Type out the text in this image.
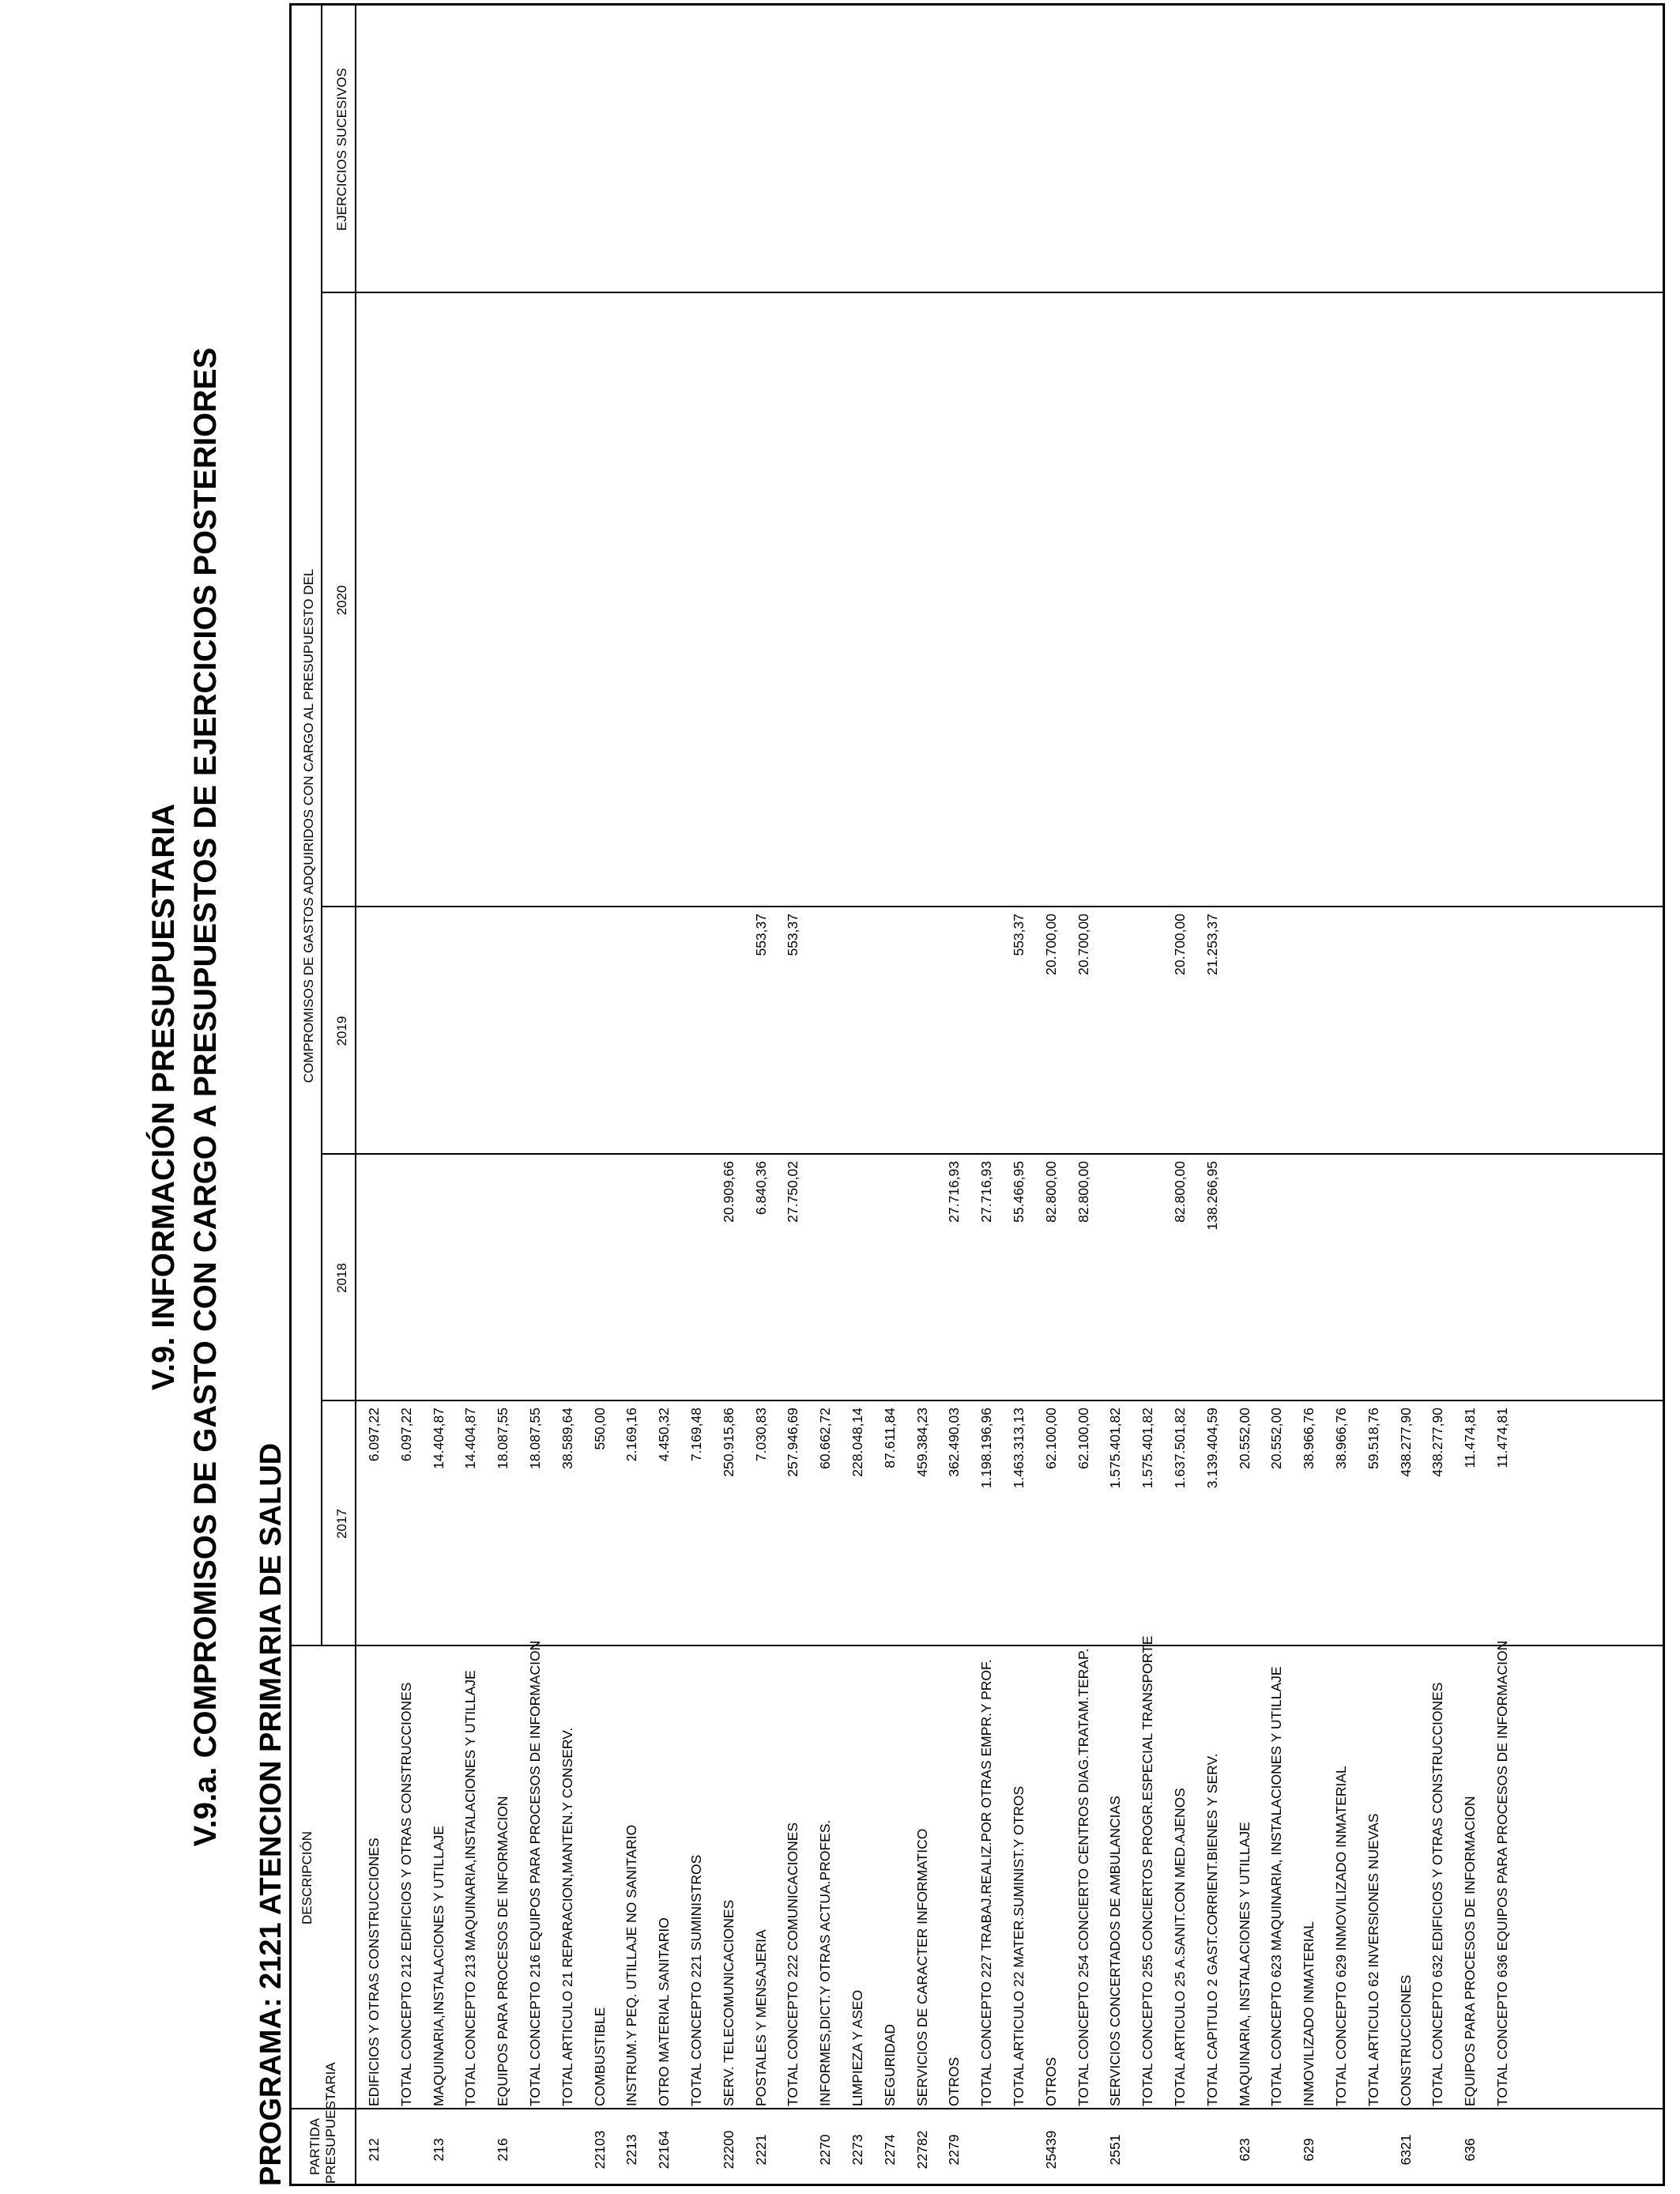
V.9. INFORMACIÓN PRESUPUESTARIA V.9.a. COMPROMISOS DE GASTO CON CARGO A PRESUPUESTOS DE EJERCICIOS POSTERIORES PROGRAMA: 2121 ATENCION PRIMARIA DE SALUD PARTIDA PRESUPUESTARIA
DESCRIPCIÓN
COMPROMISOS DE GASTOS ADQUIRIDOS CON CARGO AL PRESUPUESTO DEL
2017
2018
2019
2020
EJERCICIOS SUCESIVOS
212
EDIFICIOS Y OTRAS CONSTRUCCIONES
6.097,22
TOTAL CONCEPTO 212 EDIFICIOS Y OTRAS CONSTRUCCIONES
6.097,22
213
MAQUINARIA,INSTALACIONES Y UTILLAJE
14.404,87
TOTAL CONCEPTO 213 MAQUINARIA,INSTALACIONES Y UTILLAJE
14.404,87
216
EQUIPOS PARA PROCESOS DE INFORMACION
18.087,55
TOTAL CONCEPTO 216 EQUIPOS PARA PROCESOS DE INFORMACION
18.087,55
TOTAL ARTICULO 21 REPARACION,MANTEN.Y CONSERV.
38.589,64
22103
COMBUSTIBLE
550,00
2213
INSTRUM.Y PEQ. UTILLAJE NO SANITARIO
2.169,16
22164
OTRO MATERIAL SANITARIO
4.450,32
TOTAL CONCEPTO 221 SUMINISTROS
7.169,48
22200
SERV. TELECOMUNICACIONES
250.915,86
20.909,66
2221
POSTALES Y MENSAJERIA
7.030,83
6.840,36
553,37
TOTAL CONCEPTO 222 COMUNICACIONES
257.946,69
27.750,02
553,37
2270
INFORMES,DICT.Y OTRAS ACTUA.PROFES.
60.662,72
2273
LIMPIEZA Y ASEO
228.048,14
2274
SEGURIDAD
87.611,84
22782
SERVICIOS DE CARACTER INFORMATICO
459.384,23
2279
OTROS
362.490,03
27.716,93
TOTAL CONCEPTO 227 TRABAJ.REALIZ.POR OTRAS EMPR.Y PROF.
1.198.196,96
27.716,93
TOTAL ARTICULO 22 MATER.SUMINIST.Y OTROS
1.463.313,13
55.466,95
553,37
25439
OTROS
62.100,00
82.800,00
20.700,00
TOTAL CONCEPTO 254 CONCIERTO CENTROS DIAG.TRATAM.TERAP.
62.100,00
82.800,00
20.700,00
2551
SERVICIOS CONCERTADOS DE AMBULANCIAS
1.575.401,82
TOTAL CONCEPTO 255 CONCIERTOS PROGR.ESPECIAL TRANSPORTE
1.575.401,82
TOTAL ARTICULO 25 A.SANIT.CON MED.AJENOS
1.637.501,82
82.800,00
20.700,00
TOTAL CAPITULO 2 GAST.CORRIENT.BIENES Y SERV.
3.139.404,59
138.266,95
21.253,37
623
MAQUINARIA, INSTALACIONES Y UTILLAJE
20.552,00
TOTAL CONCEPTO 623 MAQUINARIA, INSTALACIONES Y UTILLAJE
20.552,00
629
INMOVILIZADO INMATERIAL
38.966,76
TOTAL CONCEPTO 629 INMOVILIZADO INMATERIAL
38.966,76
TOTAL ARTICULO 62 INVERSIONES NUEVAS
59.518,76
6321
CONSTRUCCIONES
438.277,90
TOTAL CONCEPTO 632 EDIFICIOS Y OTRAS CONSTRUCCIONES
438.277,90
636
EQUIPOS PARA PROCESOS DE INFORMACION
11.474,81
TOTAL CONCEPTO 636 EQUIPOS PARA PROCESOS DE INFORMACION
11.474,81
